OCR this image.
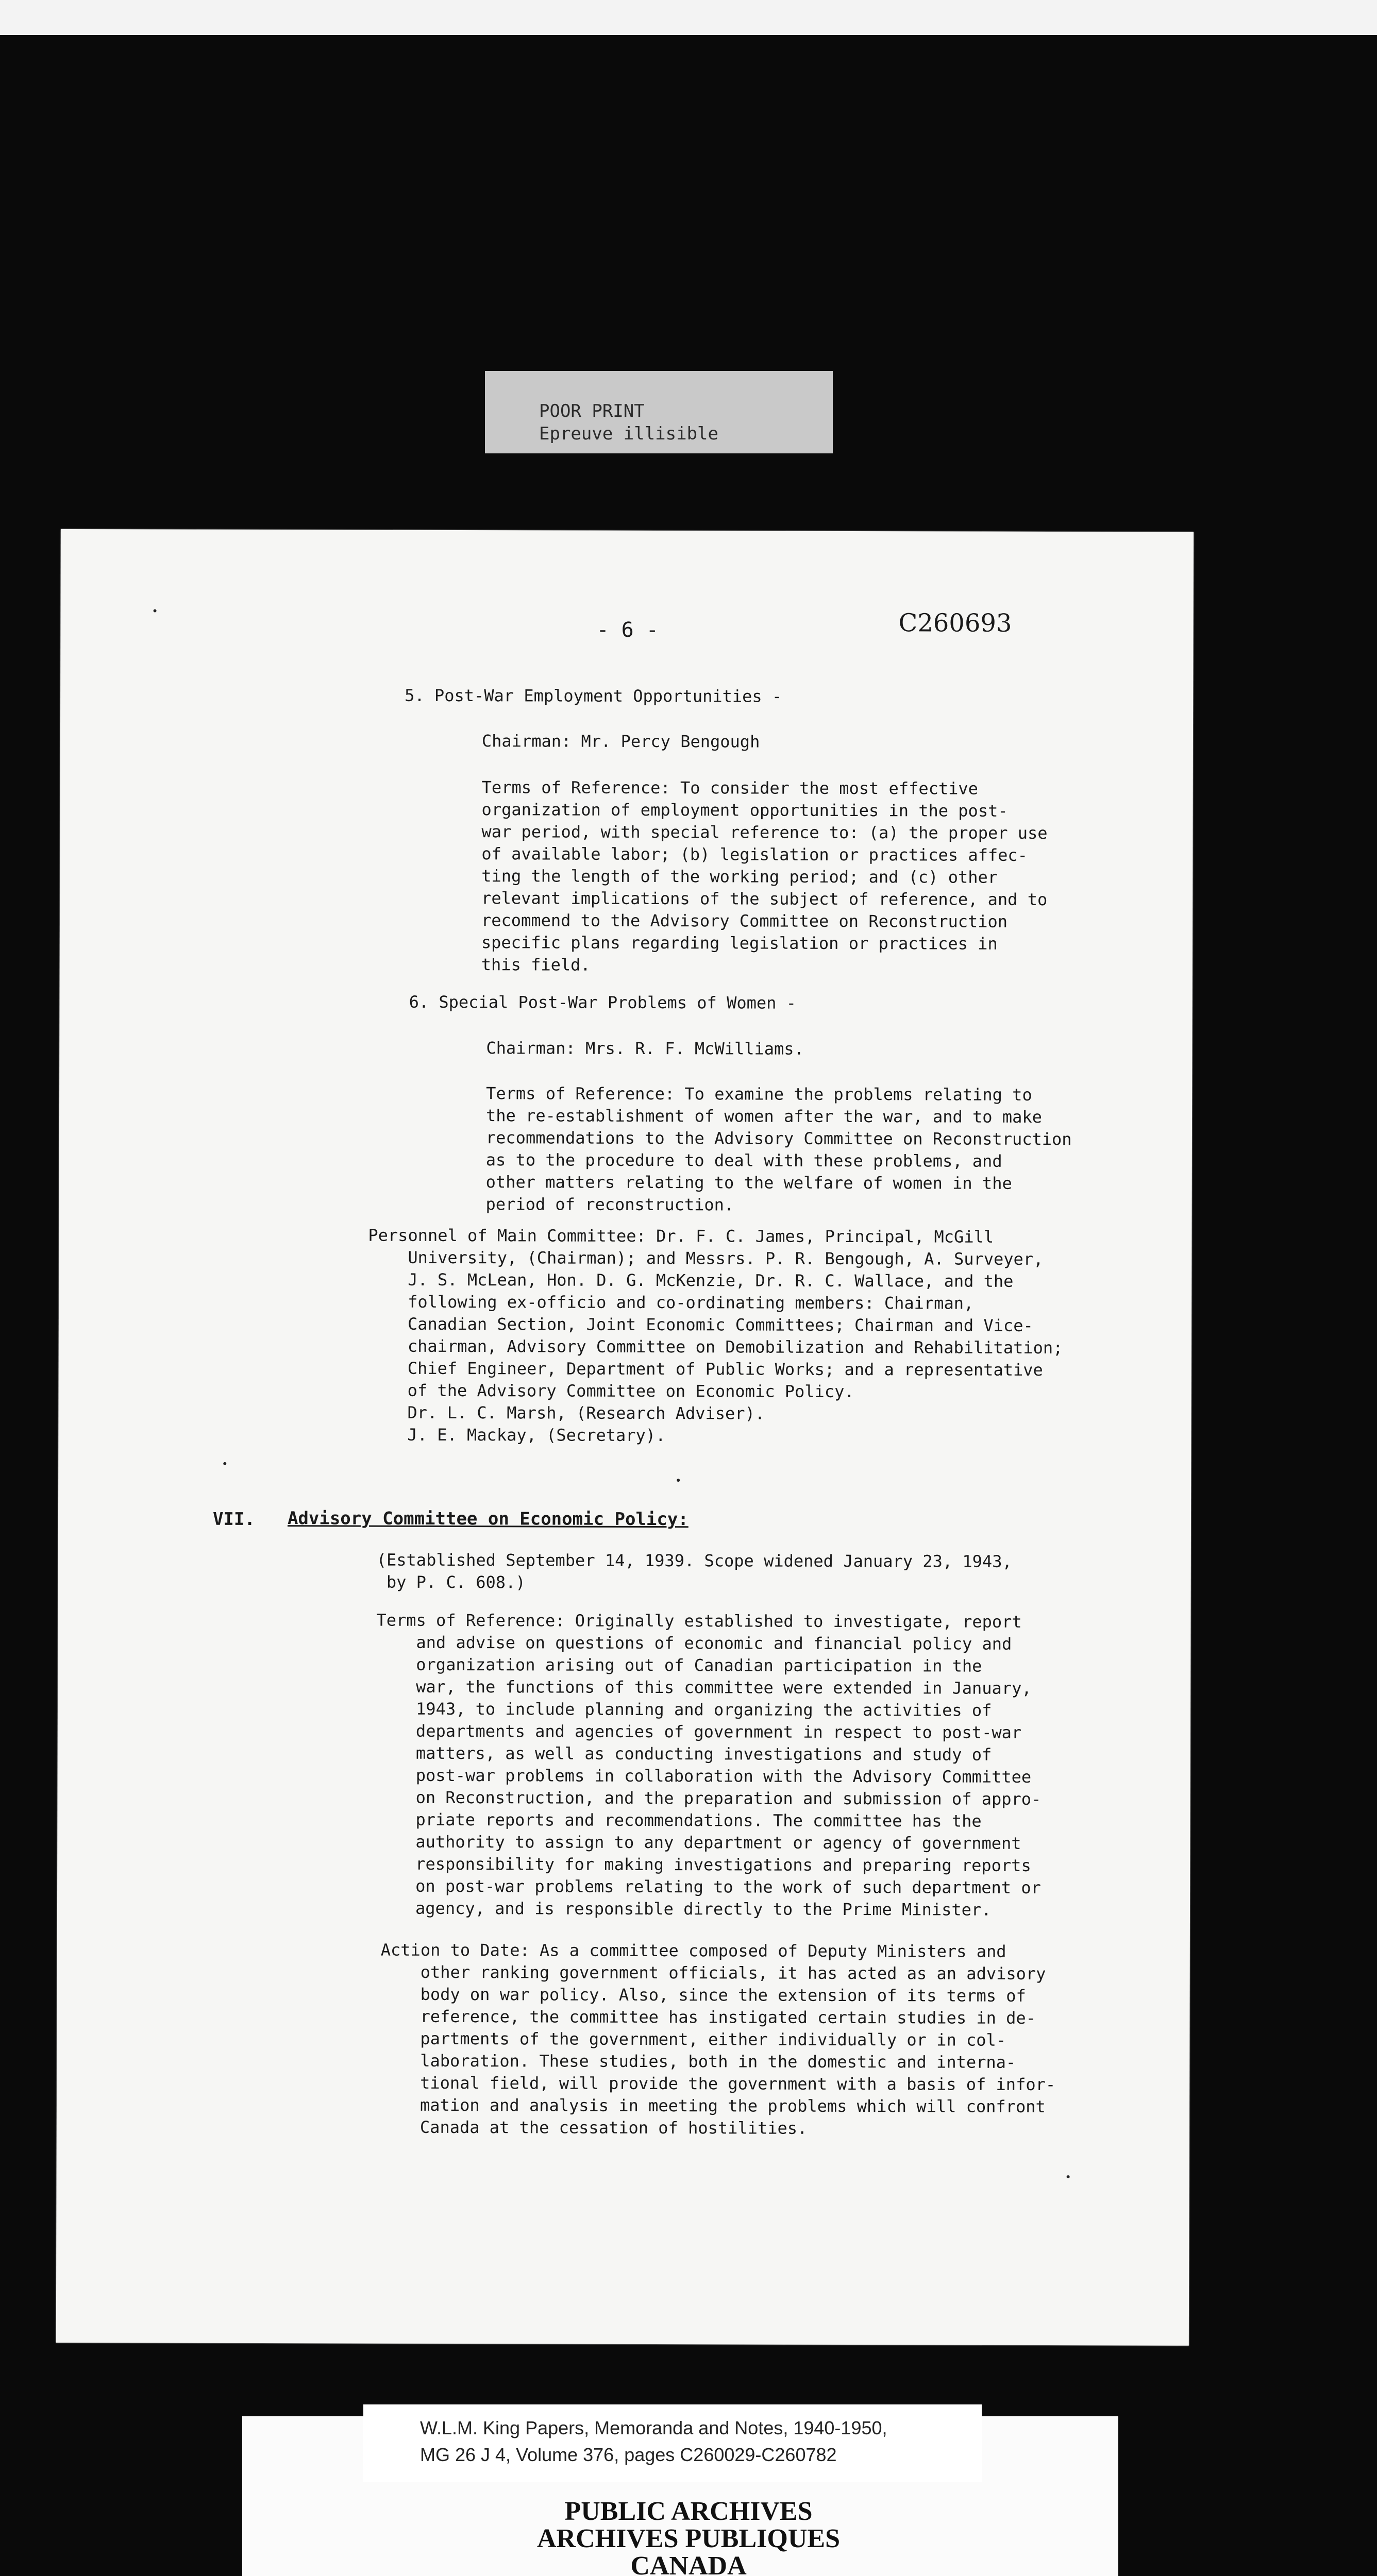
POOR PRINT
Epreuve illisible
- 6 -	C260693
5. Post-War Employment Opportunities -
Chairman: Mr. Percy Bengough
Terms of Reference: To consider the most effective
organization of employment opportunities in the post-
war period, with special reference to: (a) the proper use
of available labor; (b) legislation or practices affec-
ting the length of the working period; and (c) other
relevant implications of the subject of reference, and to
recommend to the Advisory Committee on Reconstruction
specific plans regarding legislation or practices in
this field.
6. Special Post-War Problems of Women -
Chairman: Mrs. R. F. McWilliams.
Terms of Reference: To examine the problems relating to
the re-establishment of women after the war, and to make
recommendations to the Advisory Committee on Reconstruction
as to the procedure to deal with these problems, and
other matters relating to the welfare of women in the
period of reconstruction.
Personnel of Main Committee: Dr. F. C. James, Principal, McGill
University, (Chairman); and Messrs. P. R. Bengough, A. Surveyer,
J. S. McLean, Hon. D. G. McKenzie, Dr. R. C. Wallace, and the
following ex-officio and co-ordinating members: Chairman,
Canadian Section, Joint Economic Committees; Chairman and Vice-
chairman, Advisory Committee on Demobilization and Rehabilitation;
Chief Engineer, Department of Public Works; and a representative
of the Advisory Committee on Economic Policy.
Dr. L. C. Marsh, (Research Adviser).
J. E. Mackay, (Secretary).
VII. Advisory Committee on Economic Policy:
(Established September 14, 1939. Scope widened January 23, 1943,
by P. C. 608.)
Terms of Reference: Originally established to investigate, report
and advise on questions of economic and financial policy and
organization arising out of Canadian participation in the
war, the functions of this committee were extended in January,
1943, to include planning and organizing the activities of
departments and agencies of government in respect to post-war
matters, as well as conducting investigations and study of
post-war problems in collaboration with the Advisory Committee
on Reconstruction, and the preparation and submission of appro-
priate reports and recommendations. The committee has the
authority to assign to any department or agency of government
responsibility for making investigations and preparing reports
on post-war problems relating to the work of such department or
agency, and is responsible directly to the Prime Minister.
Action to Date: As a committee composed of Deputy Ministers and
other ranking government officials, it has acted as an advisory
body on war policy. Also, since the extension of its terms of
reference, the committee has instigated certain studies in de-
partments of the government, either individually or in col-
laboration. These studies, both in the domestic and interna-
tional field, will provide the government with a basis of infor-
mation and analysis in meeting the problems which will confront
Canada at the cessation of hostilities.
W.L.M. King Papers, Memoranda and Notes, 1940-1950,
MG 26 J 4, Volume 376, pages C260029-C260782
PUBLIC ARCHIVES
ARCHIVES PUBLIQUES
CANADA
